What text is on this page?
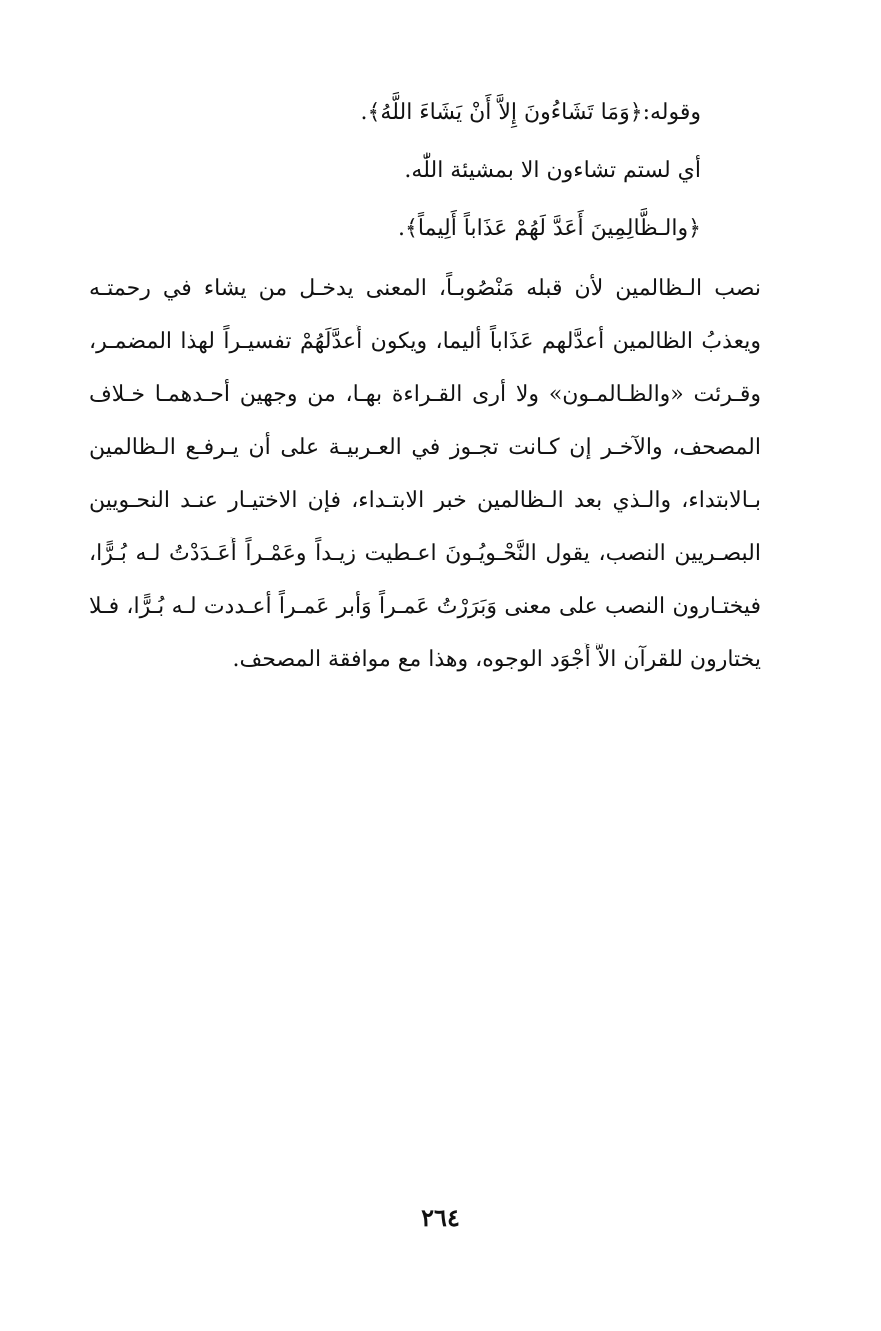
وقوله:﴿وَمَا تَشَاءُونَ إِلاَّ أَنْ يَشَاءَ اللَّهُ﴾.
أي لستم تشاءون الا بمشيئة اللّٰه.
﴿والـظَّالِمِينَ أَعَدَّ لَهُمْ عَذَاباً أَلِيماً﴾.
نصب الـظالمين لأن قبله مَنْصُوبـاً، المعنى يدخـل من يشاء في رحمتـه
ويعذبُ الظالمين أعدَّلهم عَذَاباً أليما، ويكون أَعدَّلَهُمْ تفسيـراً لهذا المضمـر،
وقـرئت «والظـالمـون» ولا أرى القـراءة بهـا، من وجهين أحـدهمـا خـلاف
المصحف، والآخـر إن كـانت تجـوز في العـربيـة على أن يـرفـع الـظالمين
بـالابتداء، والـذي بعد الـظالمين خبر الابتـداء، فإن الاختيـار عنـد النحـويين
البصـريين النصب، يقول النَّحْـويُـونَ اعـطيت زيـداً وعَمْـراً أَعَـدَدْتُ لـه بُـرًّا،
فيختـارون النصب على معنى وَبَرَرْتُ عَمـراً وَأبر عَمـراً أعـددت لـه بُـرًّا، فـلا
يختارون للقرآن الاَّ أَجْوَد الوجوه، وهذا مع موافقة المصحف.
٢٦٤
